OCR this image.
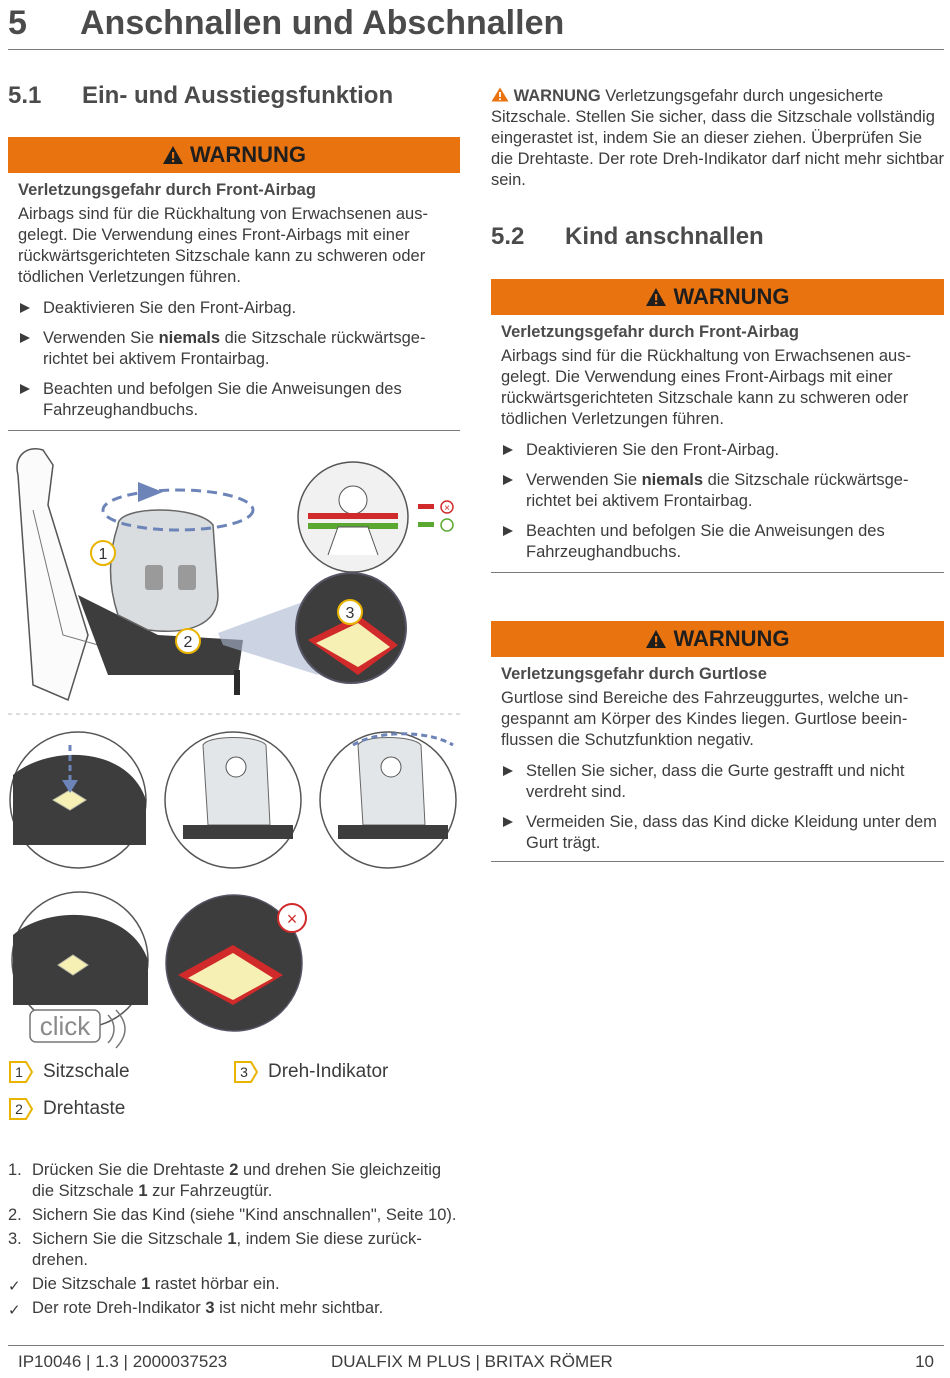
5 Anschnallen und Abschnallen
5.1 Ein- und Ausstiegsfunktion
WARNUNG
Verletzungsgefahr durch Front-Airbag
Airbags sind für die Rückhaltung von Erwachsenen ausgelegt. Die Verwendung eines Front-Airbags mit einer rückwärtsgerichteten Sitzschale kann zu schweren oder tödlichen Verletzungen führen.
Deaktivieren Sie den Front-Airbag.
Verwenden Sie niemals die Sitzschale rückwärtsgerichtet bei aktivem Frontairbag.
Beachten und befolgen Sie die Anweisungen des Fahrzeughandbuchs.
1
2
3
×
click
×
1 Sitzschale	3 Dreh-Indikator
2 Drehtaste
1. Drücken Sie die Drehtaste 2 und drehen Sie gleichzeitig die Sitzschale 1 zur Fahrzeugtür.
2. Sichern Sie das Kind (siehe "Kind anschnallen", Seite 10).
3. Sichern Sie die Sitzschale 1, indem Sie diese zurückdrehen.
✓ Die Sitzschale 1 rastet hörbar ein.
✓ Der rote Dreh-Indikator 3 ist nicht mehr sichtbar.
WARNUNG Verletzungsgefahr durch ungesicherte Sitzschale. Stellen Sie sicher, dass die Sitzschale vollständig eingerastet ist, indem Sie an dieser ziehen. Überprüfen Sie die Drehtaste. Der rote Dreh-Indikator darf nicht mehr sichtbar sein.
5.2 Kind anschnallen
WARNUNG
Verletzungsgefahr durch Front-Airbag
Airbags sind für die Rückhaltung von Erwachsenen ausgelegt. Die Verwendung eines Front-Airbags mit einer rückwärtsgerichteten Sitzschale kann zu schweren oder tödlichen Verletzungen führen.
Deaktivieren Sie den Front-Airbag.
Verwenden Sie niemals die Sitzschale rückwärtsgerichtet bei aktivem Frontairbag.
Beachten und befolgen Sie die Anweisungen des Fahrzeughandbuchs.
WARNUNG
Verletzungsgefahr durch Gurtlose
Gurtlose sind Bereiche des Fahrzeuggurtes, welche ungespannt am Körper des Kindes liegen. Gurtlose beeinflussen die Schutzfunktion negativ.
Stellen Sie sicher, dass die Gurte gestrafft und nicht verdreht sind.
Vermeiden Sie, dass das Kind dicke Kleidung unter dem Gurt trägt.
IP10046 | 1.3 | 2000037523	DUALFIX M PLUS | BRITAX RÖMER	10
